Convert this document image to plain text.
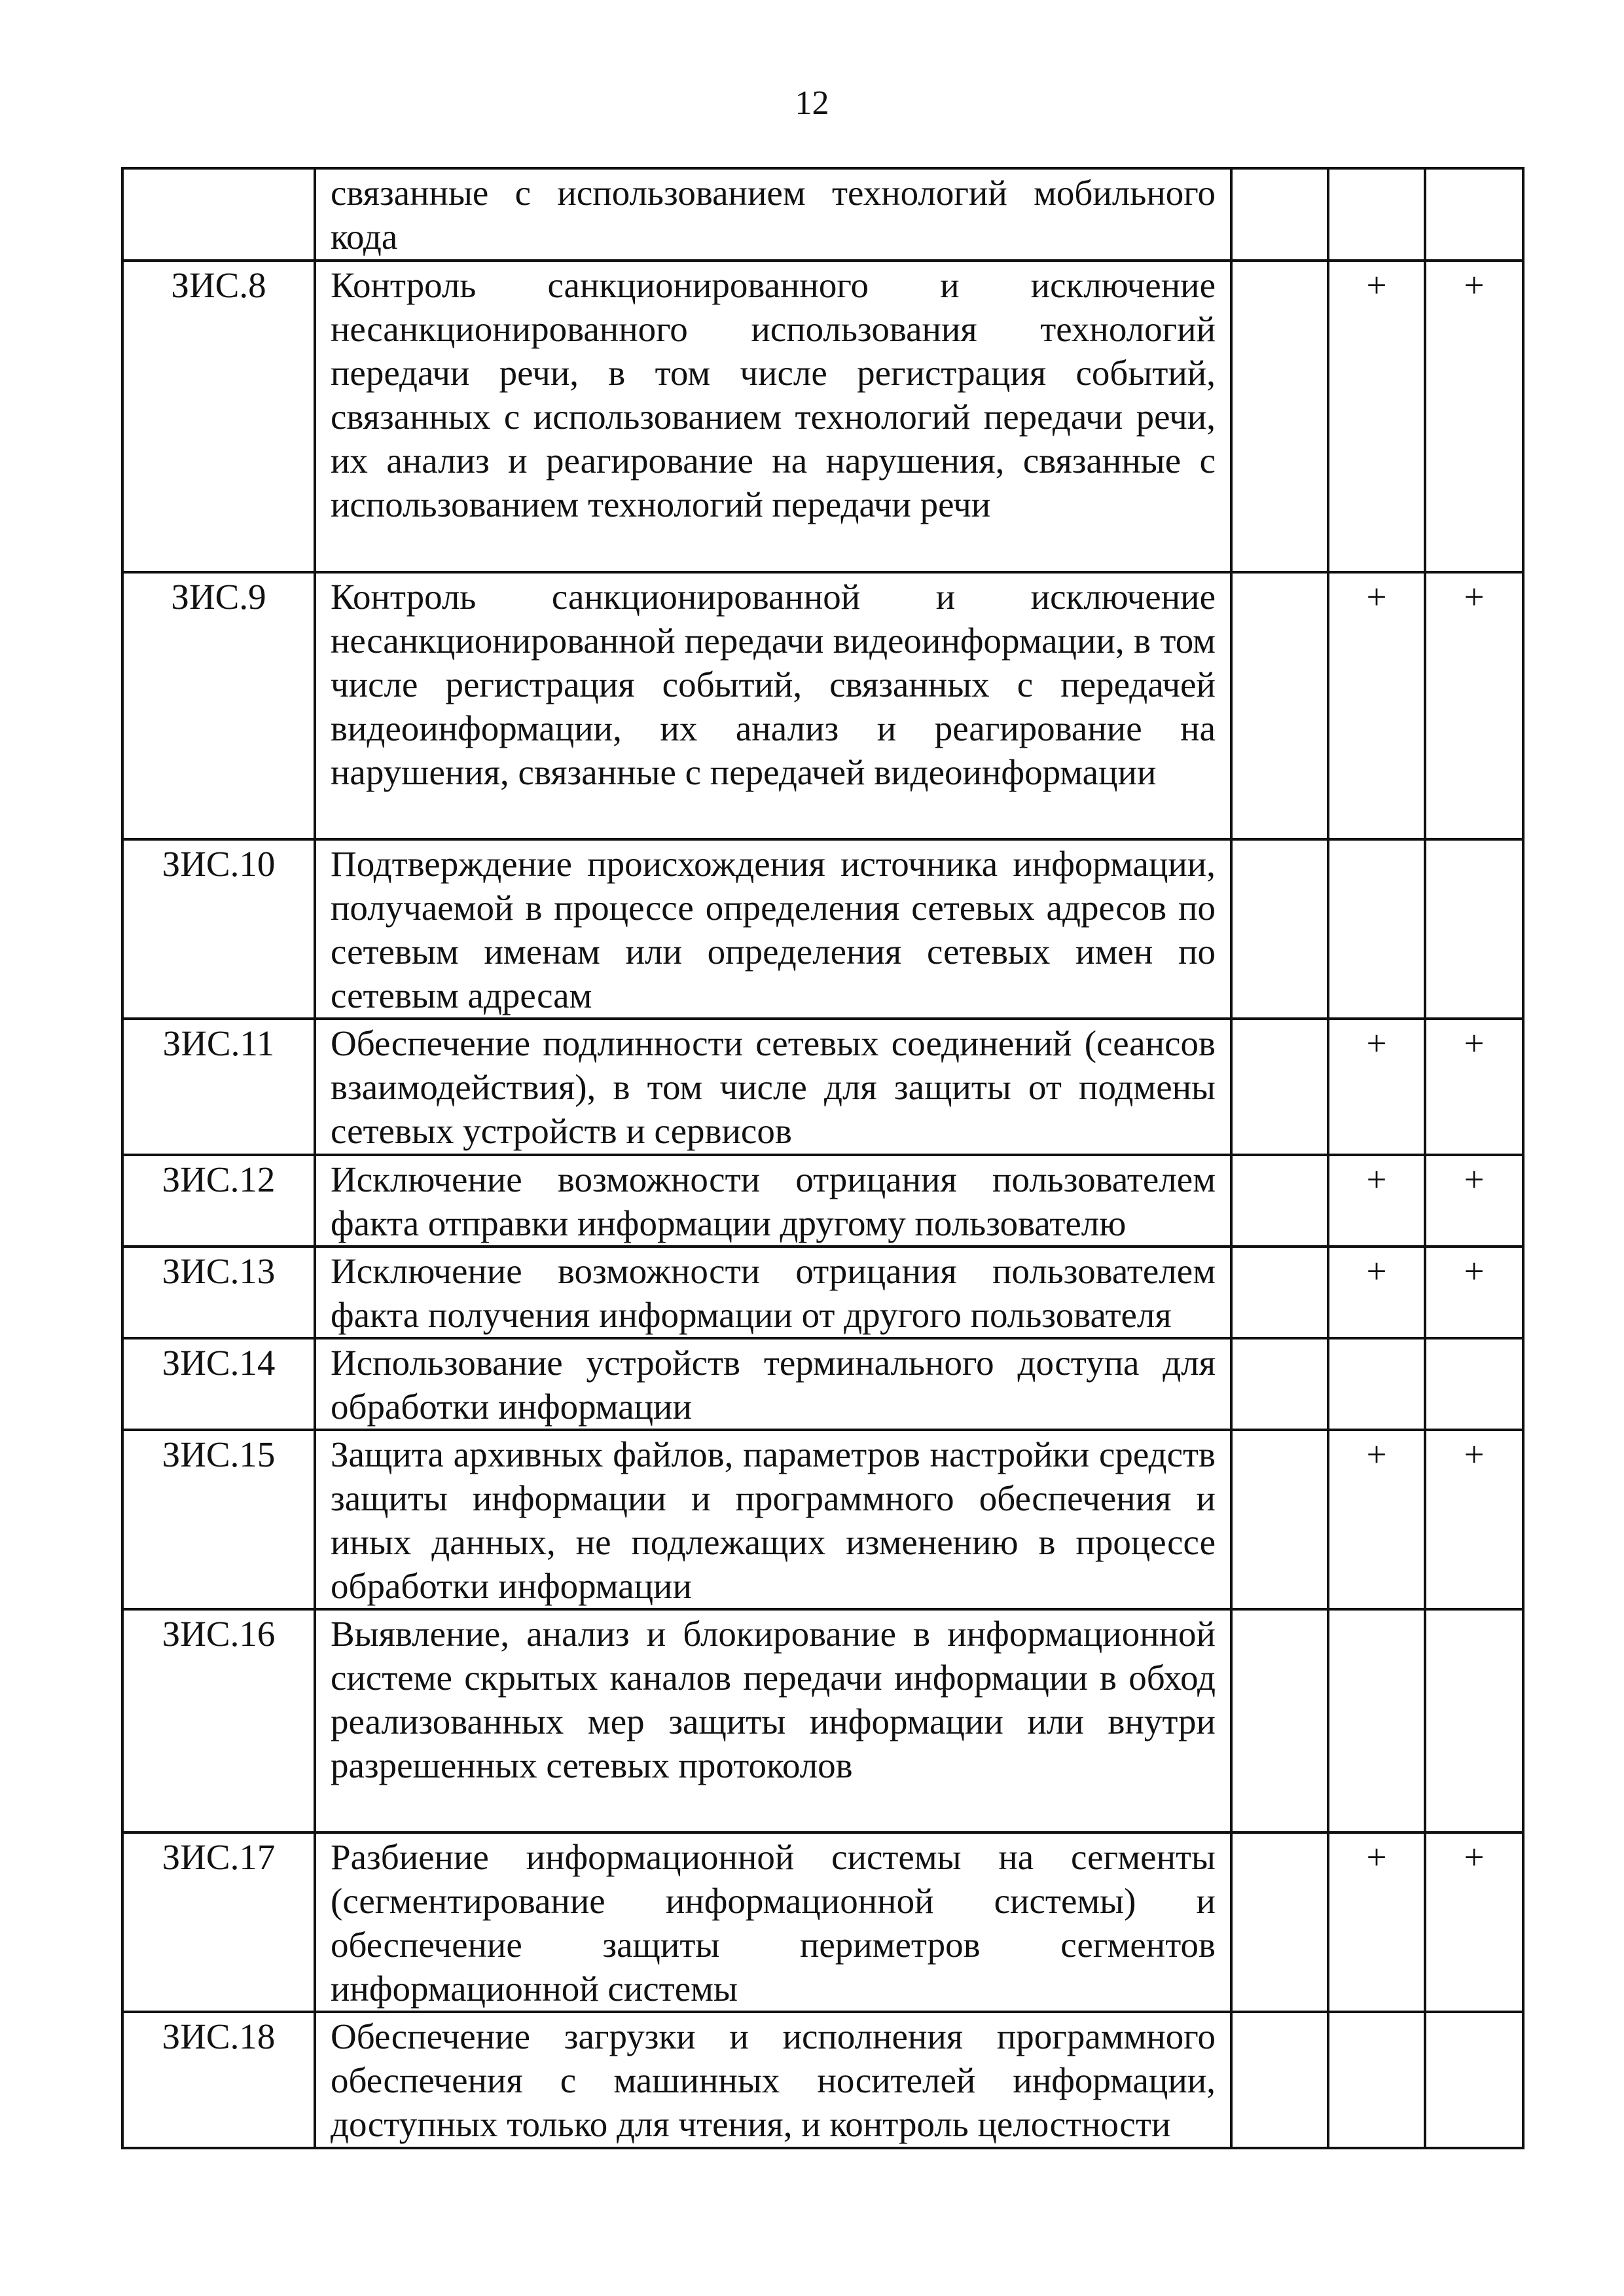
12
	связанные с использованием технологий мобильного кода			
ЗИС.8	Контроль санкционированного и исключение несанкционированного использования технологий передачи речи, в том числе регистрация событий, связанных с использованием технологий передачи речи, их анализ и реагирование на нарушения, связанные с использованием технологий передачи речи		+	+
ЗИС.9	Контроль санкционированной и исключение несанкционированной передачи видеоинформации, в том числе регистрация событий, связанных с передачей видеоинформации, их анализ и реагирование на нарушения, связанные с передачей видеоинформации		+	+
ЗИС.10	Подтверждение происхождения источника информации, получаемой в процессе определения сетевых адресов по сетевым именам или определения сетевых имен по сетевым адресам			
ЗИС.11	Обеспечение подлинности сетевых соединений (сеансов взаимодействия), в том числе для защиты от подмены сетевых устройств и сервисов		+	+
ЗИС.12	Исключение возможности отрицания пользователем факта отправки информации другому пользователю		+	+
ЗИС.13	Исключение возможности отрицания пользователем факта получения информации от другого пользователя		+	+
ЗИС.14	Использование устройств терминального доступа для обработки информации			
ЗИС.15	Защита архивных файлов, параметров настройки средств защиты информации и программного обеспечения и иных данных, не подлежащих изменению в процессе обработки информации		+	+
ЗИС.16	Выявление, анализ и блокирование в информационной системе скрытых каналов передачи информации в обход реализованных мер защиты информации или внутри разрешенных сетевых протоколов			
ЗИС.17	Разбиение информационной системы на сегменты (сегментирование информационной системы) и обеспечение защиты периметров сегментов информационной системы		+	+
ЗИС.18	Обеспечение загрузки и исполнения программного обеспечения с машинных носителей информации, доступных только для чтения, и контроль целостности			
